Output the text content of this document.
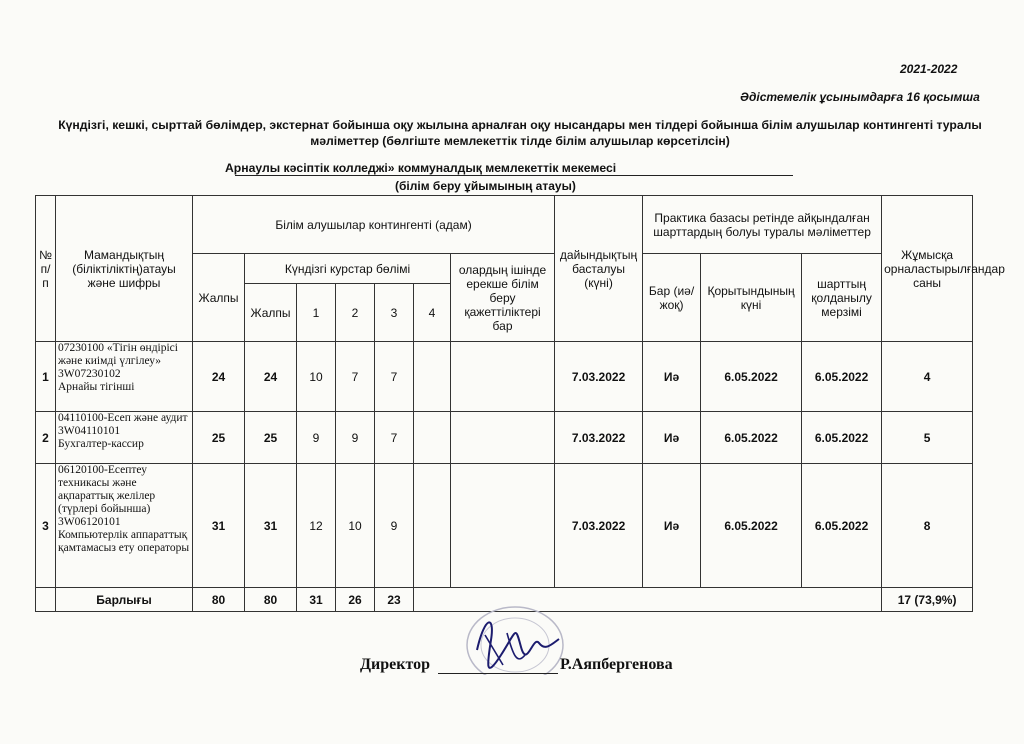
2021-2022
Әдістемелік ұсынымдарға 16 қосымша
Күндізгі, кешкі, сырттай бөлімдер, экстернат бойынша оқу жылына арналған оқу нысандары мен тілдері бойынша білім алушылар контингенті туралы
мәліметтер (бөлгіште мемлекеттік тілде білім алушылар көрсетілсін)
Арнаулы кәсіптік колледжі» коммуналдық мемлекеттік мекемесі
(білім беру ұйымының атауы)
№ п/п	Мамандықтың (біліктіліктің)атауы және шифры	Білім алушылар контингенті (адам)							дайындықтың басталуы (күні)	Практика базасы ретінде айқындалған шарттардың болуы туралы мәліметтер			Жұмысқа орналастырылғандар саны
		Жалпы	Күндізгі курстар бөлімі					олардың ішінде ерекше білім беру қажеттіліктері бар		Бар (иә/жоқ)	Қорытындының күні	шарттың қолданылу мерзімі	
			Жалпы	1	2	3	4						
1	07230100 «Тігін өндірісі және киімді үлгілеу»
3W07230102
Арнайы тігінші	24	24	10	7	7			7.03.2022	Иә	6.05.2022	6.05.2022	4
2	04110100-Есеп және аудит
3W04110101
Бухгалтер-кассир	25	25	9	9	7			7.03.2022	Иә	6.05.2022	6.05.2022	5
3	06120100-Есептеу техникасы және ақпараттық желілер (түрлері бойынша)
3W06120101
Компьютерлік аппараттық қамтамасыз ету операторы	31	31	12	10	9			7.03.2022	Иә	6.05.2022	6.05.2022	8
	Барлығы	80	80	31	26	23							17 (73,9%)
Директор	Р.Аяпбергенова
